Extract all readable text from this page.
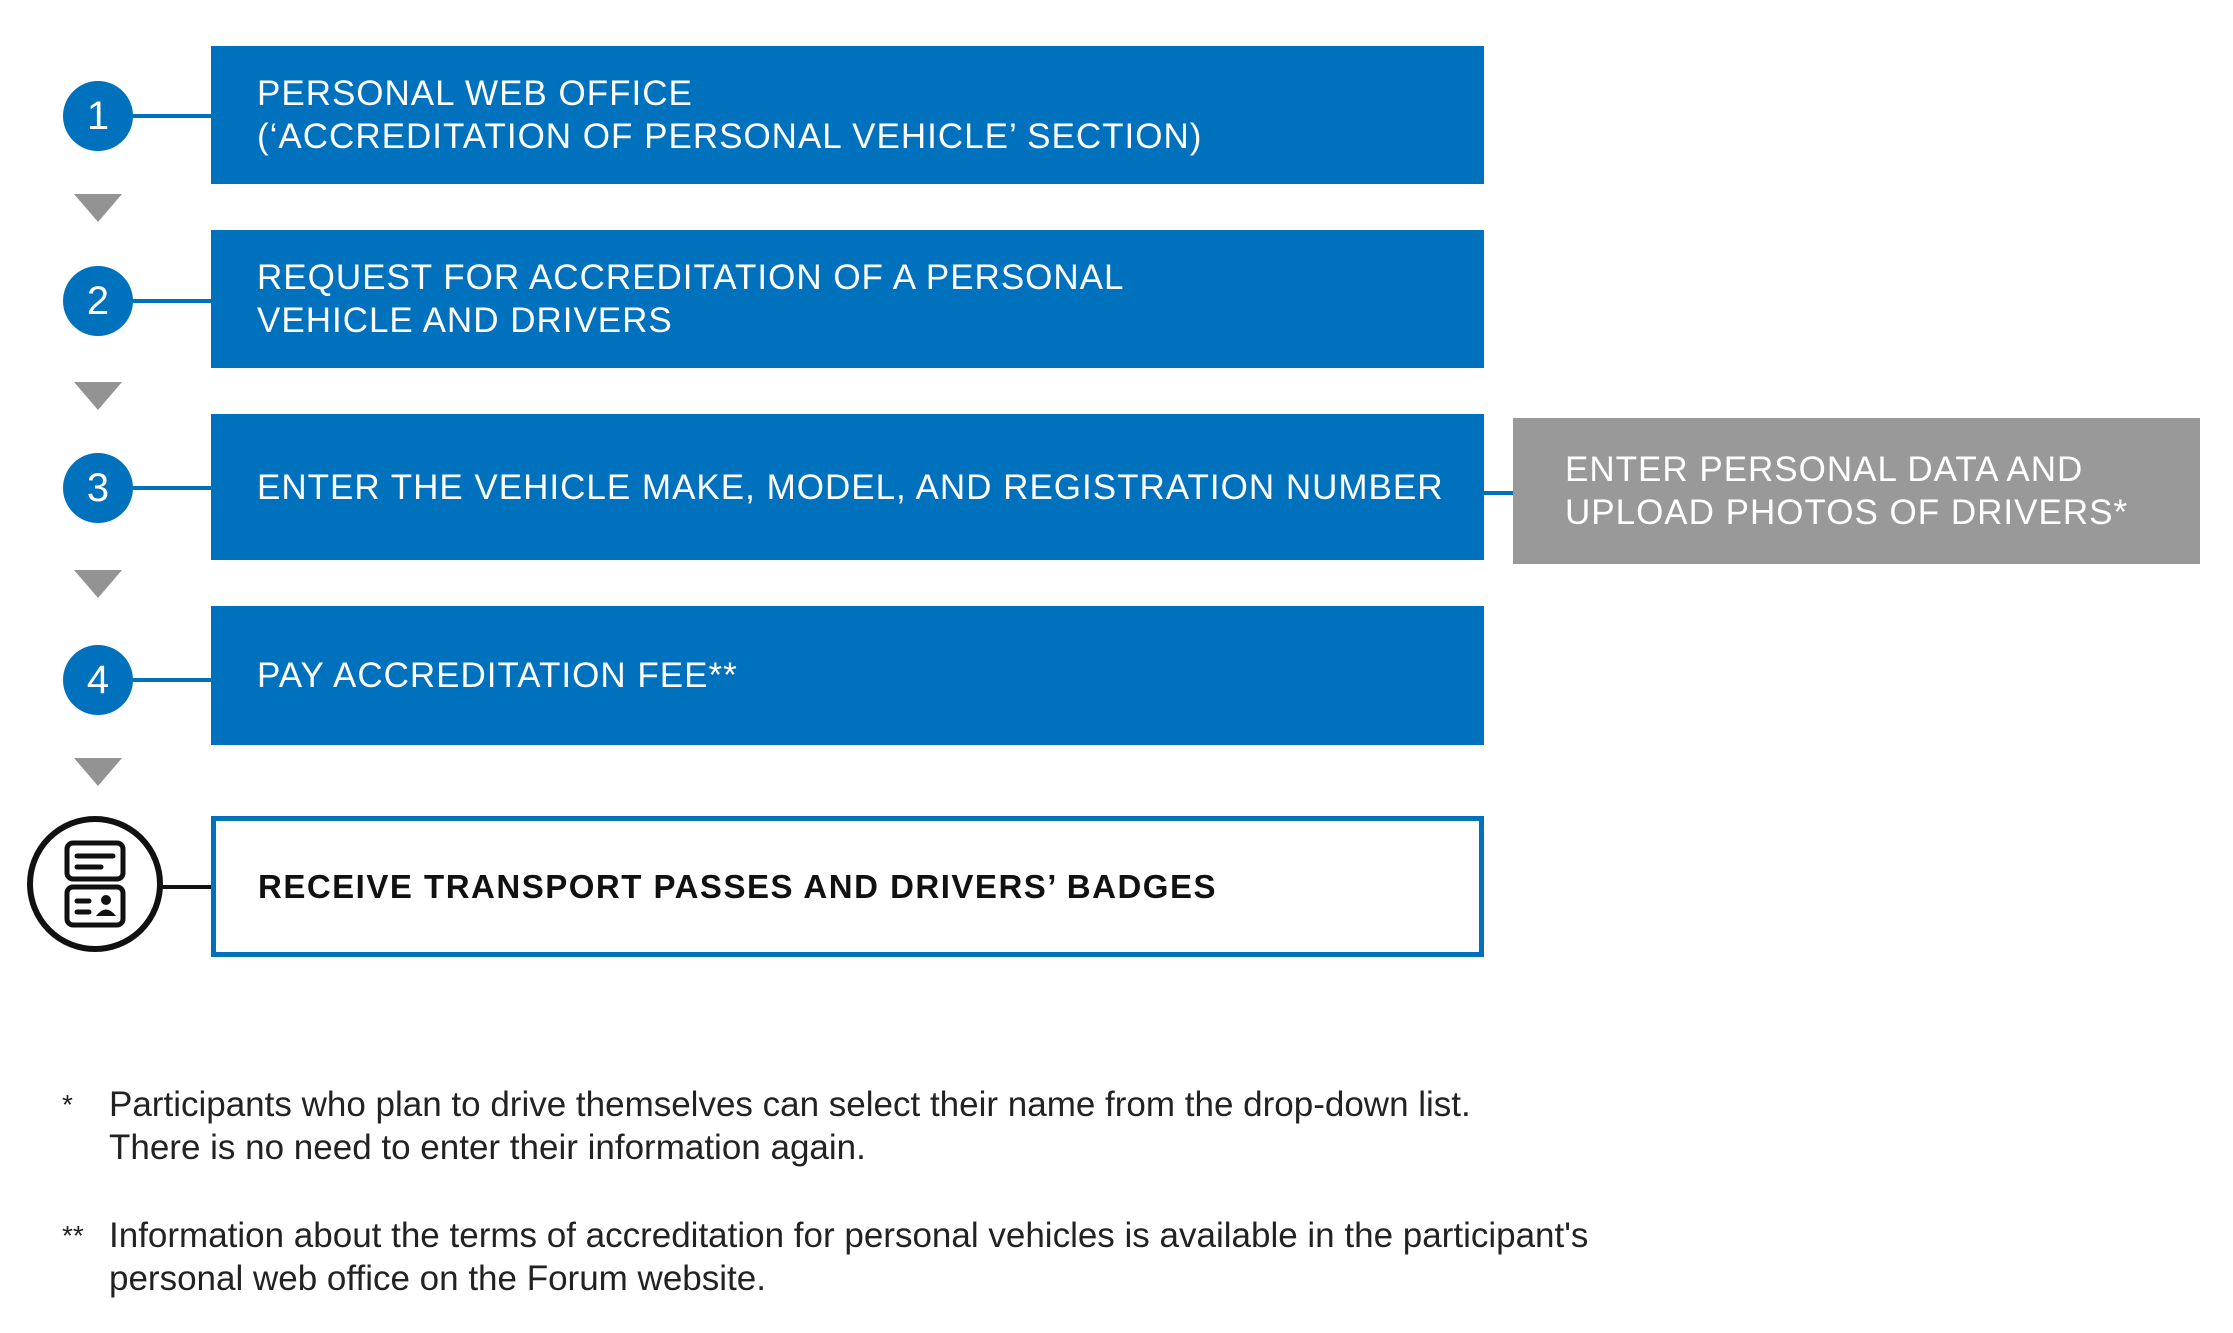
1	PERSONAL WEB OFFICE
(‘ACCREDITATION OF PERSONAL VEHICLE’ SECTION)
2
REQUEST FOR ACCREDITATION OF A PERSONAL
VEHICLE AND DRIVERS
3	ENTER THE VEHICLE MAKE, MODEL, AND REGISTRATION NUMBER	ENTER PERSONAL DATA AND
UPLOAD PHOTOS OF DRIVERS*
4	PAY ACCREDITATION FEE**
RECEIVE TRANSPORT PASSES AND DRIVERS’ BADGES
* Participants who plan to drive themselves can select their name from the drop-down list.
There is no need to enter their information again.
** Information about the terms of accreditation for personal vehicles is available in the participant's
personal web office on the Forum website.
